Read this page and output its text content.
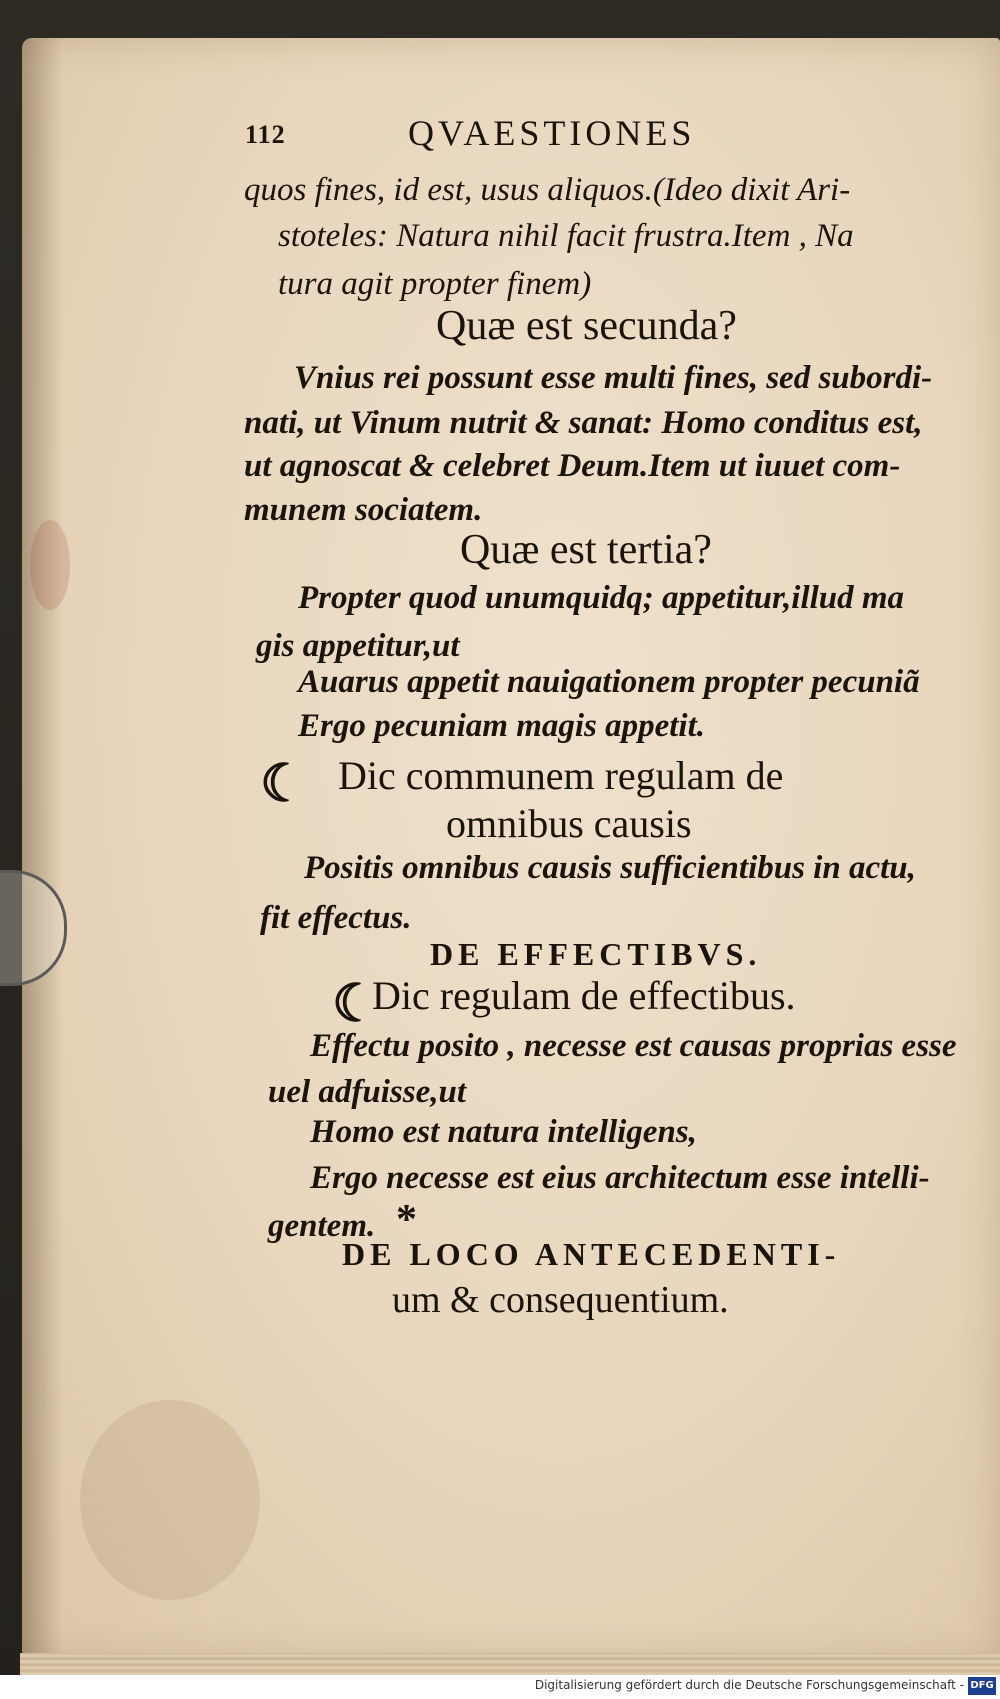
112	QVAESTIONES
quos fines, id est, usus aliquos.(Ideo dixit Ari-
stoteles: Natura nihil facit frustra.Item , Na
tura agit propter finem)
Quæ est secunda?
Vnius rei possunt esse multi fines, sed subordi-
nati, ut Vinum nutrit & sanat: Homo conditus est,
ut agnoscat & celebret Deum.Item ut iuuet com-
munem sociatem.
Quæ est tertia?
Propter quod unumquidq; appetitur,illud ma
gis appetitur,ut
Auarus appetit nauigationem propter pecuniã
Ergo pecuniam magis appetit.
☾ Dic communem regulam de
omnibus causis
Positis omnibus causis sufficientibus in actu,
fit effectus.
DE EFFECTIBVS.
☾
Dic regulam de effectibus.
Effectu posito , necesse est causas proprias esse
uel adfuisse,ut
Homo est natura intelligens,
Ergo necesse est eius architectum esse intelli-
gentem. *
DE LOCO ANTECEDENTI-
um & consequentium.
Digitalisierung gefördert durch die Deutsche Forschungsgemeinschaft - DFG
